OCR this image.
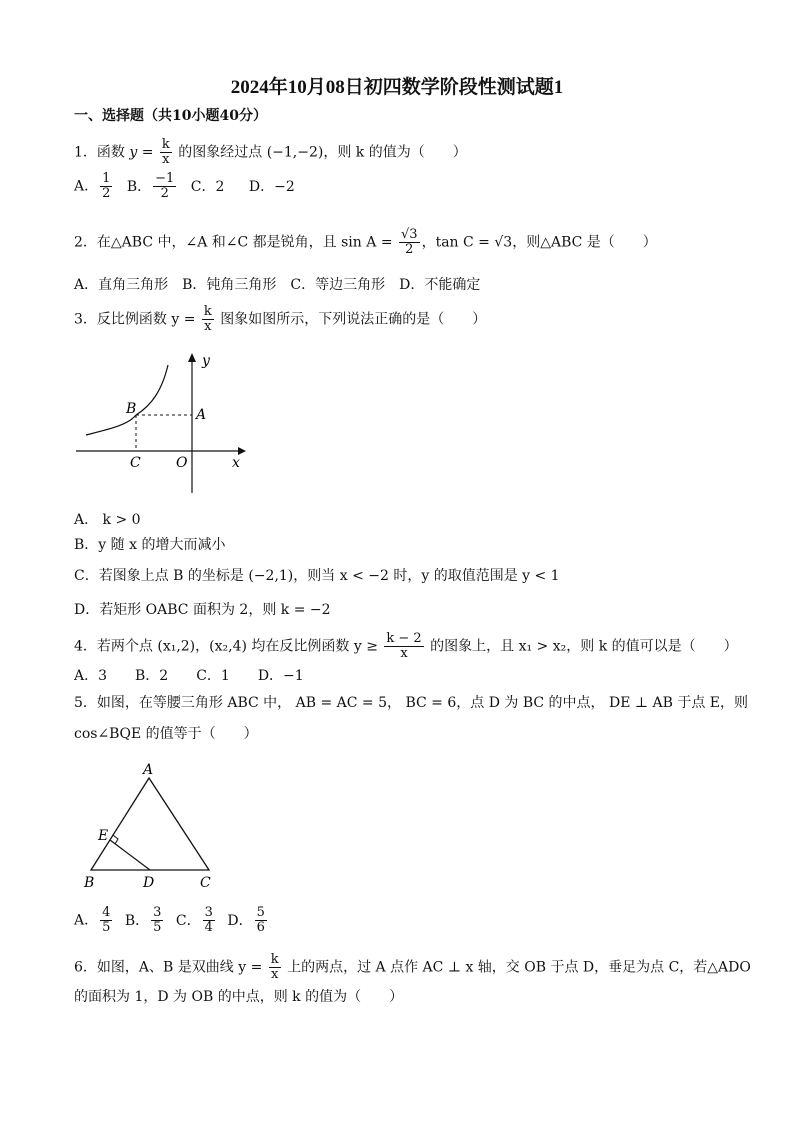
2024年10月08日初四数学阶段性测试题1
一、选择题（共10小题40分）
1．函数 $y = \frac{k}{x}$ 的图象经过点 (−1,−2)，则 k 的值为（　　）
A． $\frac{1}{2}$ B． $\frac{-1}{2}$ C．2 D．−2
2．在△ABC 中，∠A 和∠C 都是锐角，且 $\sin A = \frac{√3}{2}$ ，tan C = √3，则△ABC 是（　　）
A．直角三角形　B．钝角三角形　C．等边三角形　D．不能确定
3．反比例函数 $y = \frac{k}{x}$ 图象如图所示，下列说法正确的是（　　）
y
B	A
C	O	x
A． k > 0
B．y 随 x 的增大而减小
C．若图象上点 B 的坐标是 (−2,1)，则当 x < −2 时，y 的取值范围是 y < 1
D．若矩形 OABC 面积为 2，则 k = −2
4．若两个点 (x₁,2)，(x₂,4) 均在反比例函数 $y \ge \frac{k - 2}{x}$ 的图象上，且 x₁ > x₂，则 k 的值可以是（　　）
A．3　　B．2　　C．1　　D．−1
5．如图，在等腰三角形 ABC 中， AB = AC = 5， BC = 6，点 D 为 BC 的中点， DE ⊥ AB 于点 E，则
cos∠BQE 的值等于（　　）
A
E
B	D	C
A． $\frac{4}{5}$ B． $\frac{3}{5}$ C． $\frac{3}{4}$ D． $\frac{5}{6}$
6．如图，A、B 是双曲线 $y = \frac{k}{x}$ 上的两点，过 A 点作 AC ⊥ x 轴，交 OB 于点 D，垂足为点 C，若△ADO
的面积为 1，D 为 OB 的中点，则 k 的值为（　　）
